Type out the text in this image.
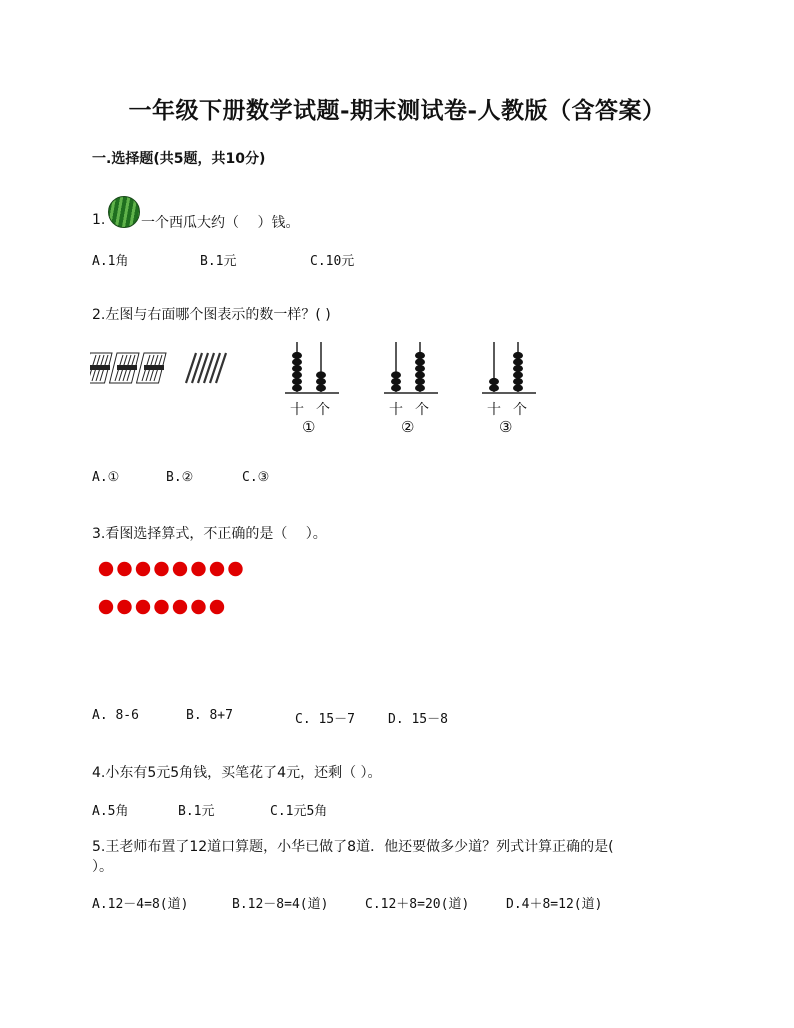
一年级下册数学试题-期末测试卷-人教版（含答案）
一.选择题(共5题，共10分)
1.	一个西瓜大约（　 ）钱。
A.1角	B.1元	C.10元
2.左图与右面哪个图表示的数一样？( )
十 个
①
十 个
②
十 个
③
A.①	B.②	C.③
3.看图选择算式，不正确的是（　 ）。
A. 8-6	B. 8+7	C. 15－7	D. 15－8
4.小东有5元5角钱，买笔花了4元，还剩（ ）。
A.5角	B.1元	C.1元5角
5.王老师布置了12道口算题，小华已做了8道．他还要做多少道？列式计算正确的是(
）。
A.12－4=8(道)	B.12－8=4(道)	C.12＋8=20(道)	D.4＋8=12(道)
